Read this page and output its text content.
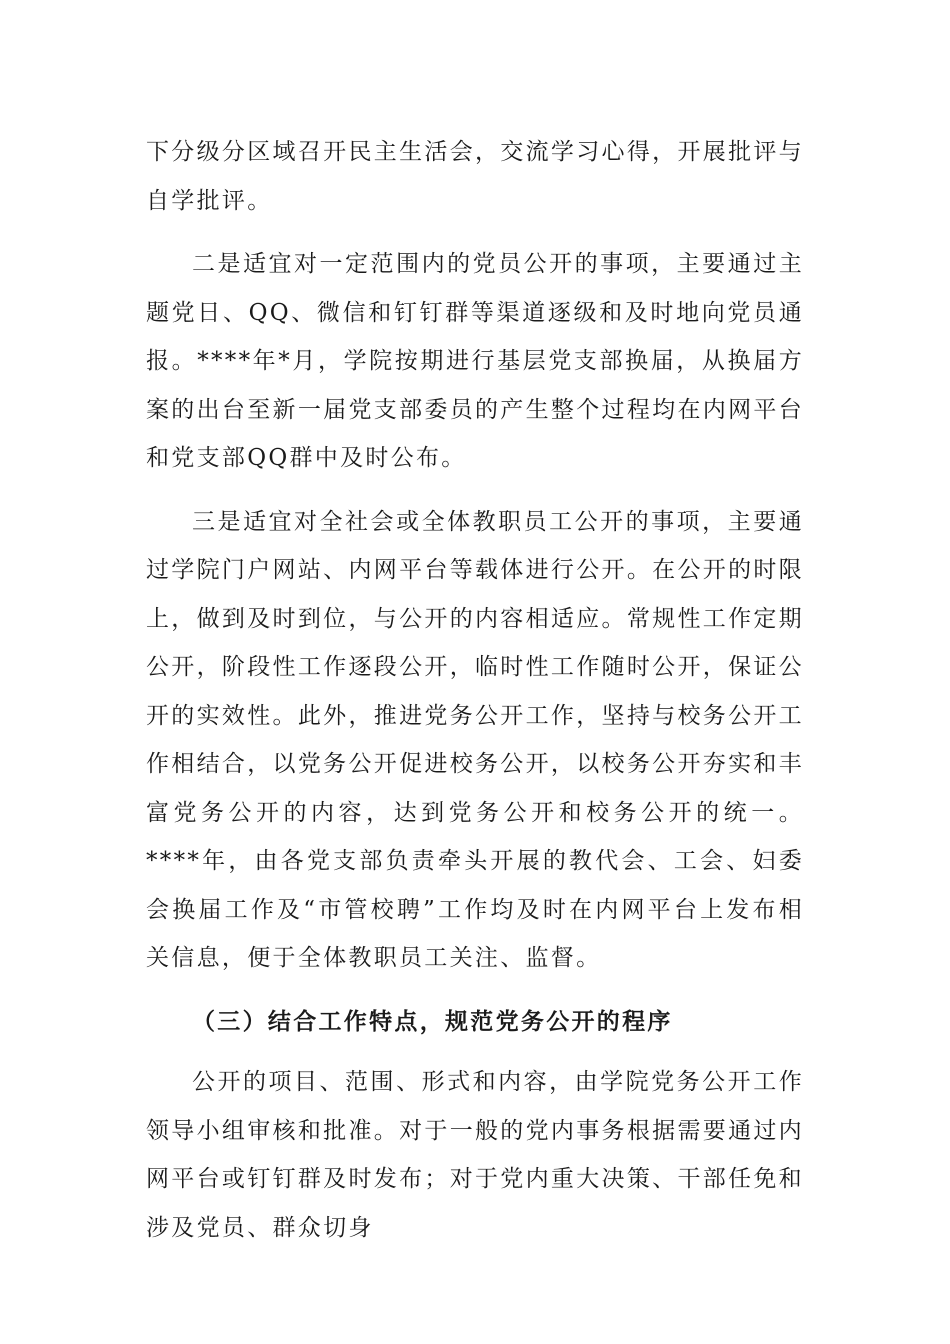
下分级分区域召开民主生活会，交流学习心得，开展批评与自学批评。

二是适宜对一定范围内的党员公开的事项，主要通过主题党日、QQ、微信和钉钉群等渠道逐级和及时地向党员通报。****年*月，学院按期进行基层党支部换届，从换届方案的出台至新一届党支部委员的产生整个过程均在内网平台和党支部QQ群中及时公布。

三是适宜对全社会或全体教职员工公开的事项，主要通过学院门户网站、内网平台等载体进行公开。在公开的时限上，做到及时到位，与公开的内容相适应。常规性工作定期公开，阶段性工作逐段公开，临时性工作随时公开，保证公开的实效性。此外，推进党务公开工作，坚持与校务公开工作相结合，以党务公开促进校务公开，以校务公开夯实和丰富党务公开的内容，达到党务公开和校务公开的统一。****年，由各党支部负责牵头开展的教代会、工会、妇委会换届工作及“市管校聘”工作均及时在内网平台上发布相关信息，便于全体教职员工关注、监督。

（三）结合工作特点，规范党务公开的程序

公开的项目、范围、形式和内容，由学院党务公开工作领导小组审核和批准。对于一般的党内事务根据需要通过内网平台或钉钉群及时发布；对于党内重大决策、干部任免和涉及党员、群众切身
